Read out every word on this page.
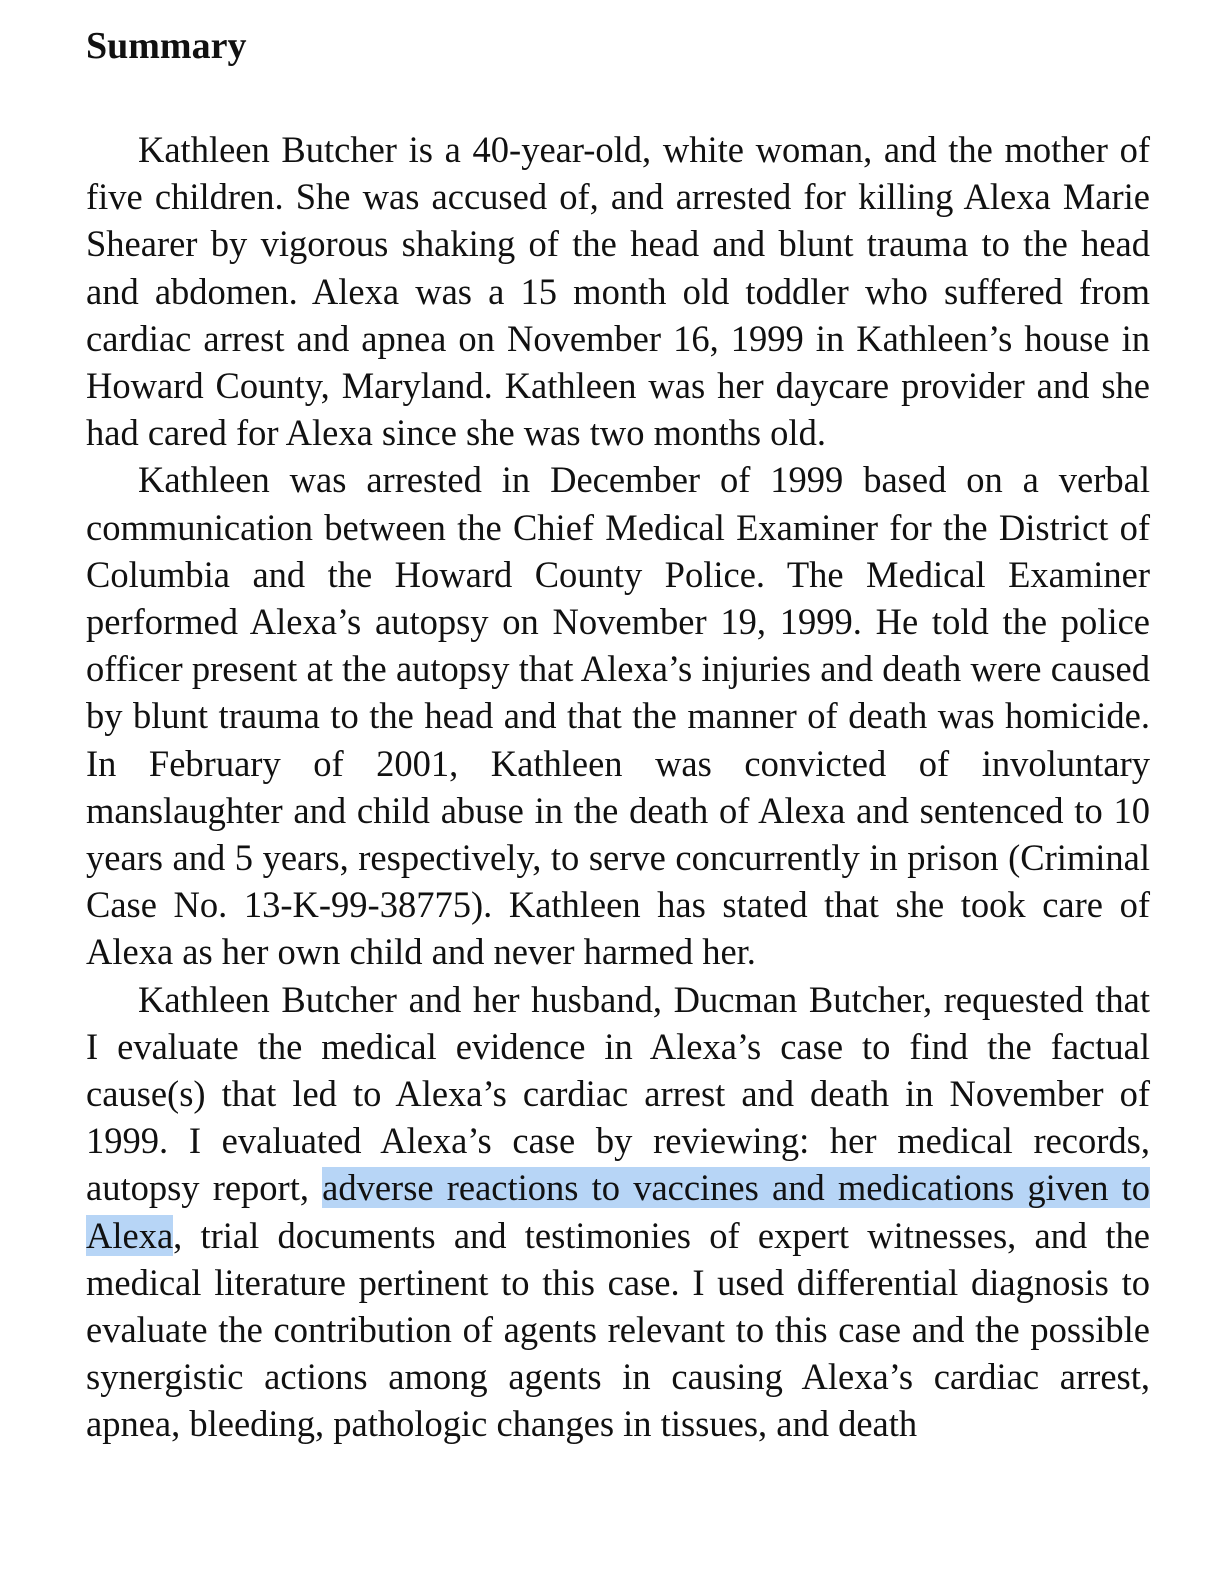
Summary

Kathleen Butcher is a 40-year-old, white woman, and the mother of five children. She was accused of, and arrested for killing Alexa Marie Shearer by vigorous shaking of the head and blunt trauma to the head and abdomen. Alexa was a 15 month old toddler who suffered from cardiac arrest and apnea on November 16, 1999 in Kathleen’s house in Howard County, Maryland. Kathleen was her daycare provider and she had cared for Alexa since she was two months old.

Kathleen was arrested in December of 1999 based on a verbal communication between the Chief Medical Examiner for the District of Columbia and the Howard County Police. The Medical Examiner performed Alexa’s autopsy on November 19, 1999. He told the police officer present at the autopsy that Alexa’s injuries and death were caused by blunt trauma to the head and that the manner of death was homicide. In February of 2001, Kathleen was convicted of involuntary manslaughter and child abuse in the death of Alexa and sentenced to 10 years and 5 years, respectively, to serve concurrently in prison (Criminal Case No. 13-K-99-38775). Kathleen has stated that she took care of Alexa as her own child and never harmed her.

Kathleen Butcher and her husband, Ducman Butcher, requested that I evaluate the medical evidence in Alexa’s case to find the factual cause(s) that led to Alexa’s cardiac arrest and death in November of 1999. I evaluated Alexa’s case by reviewing: her medical records, autopsy report, adverse reactions to vaccines and medications given to Alexa, trial documents and testimonies of expert witnesses, and the medical literature pertinent to this case. I used differential diagnosis to evaluate the contribution of agents relevant to this case and the possible synergistic actions among agents in causing Alexa’s cardiac arrest, apnea, bleeding, pathologic changes in tissues, and death
